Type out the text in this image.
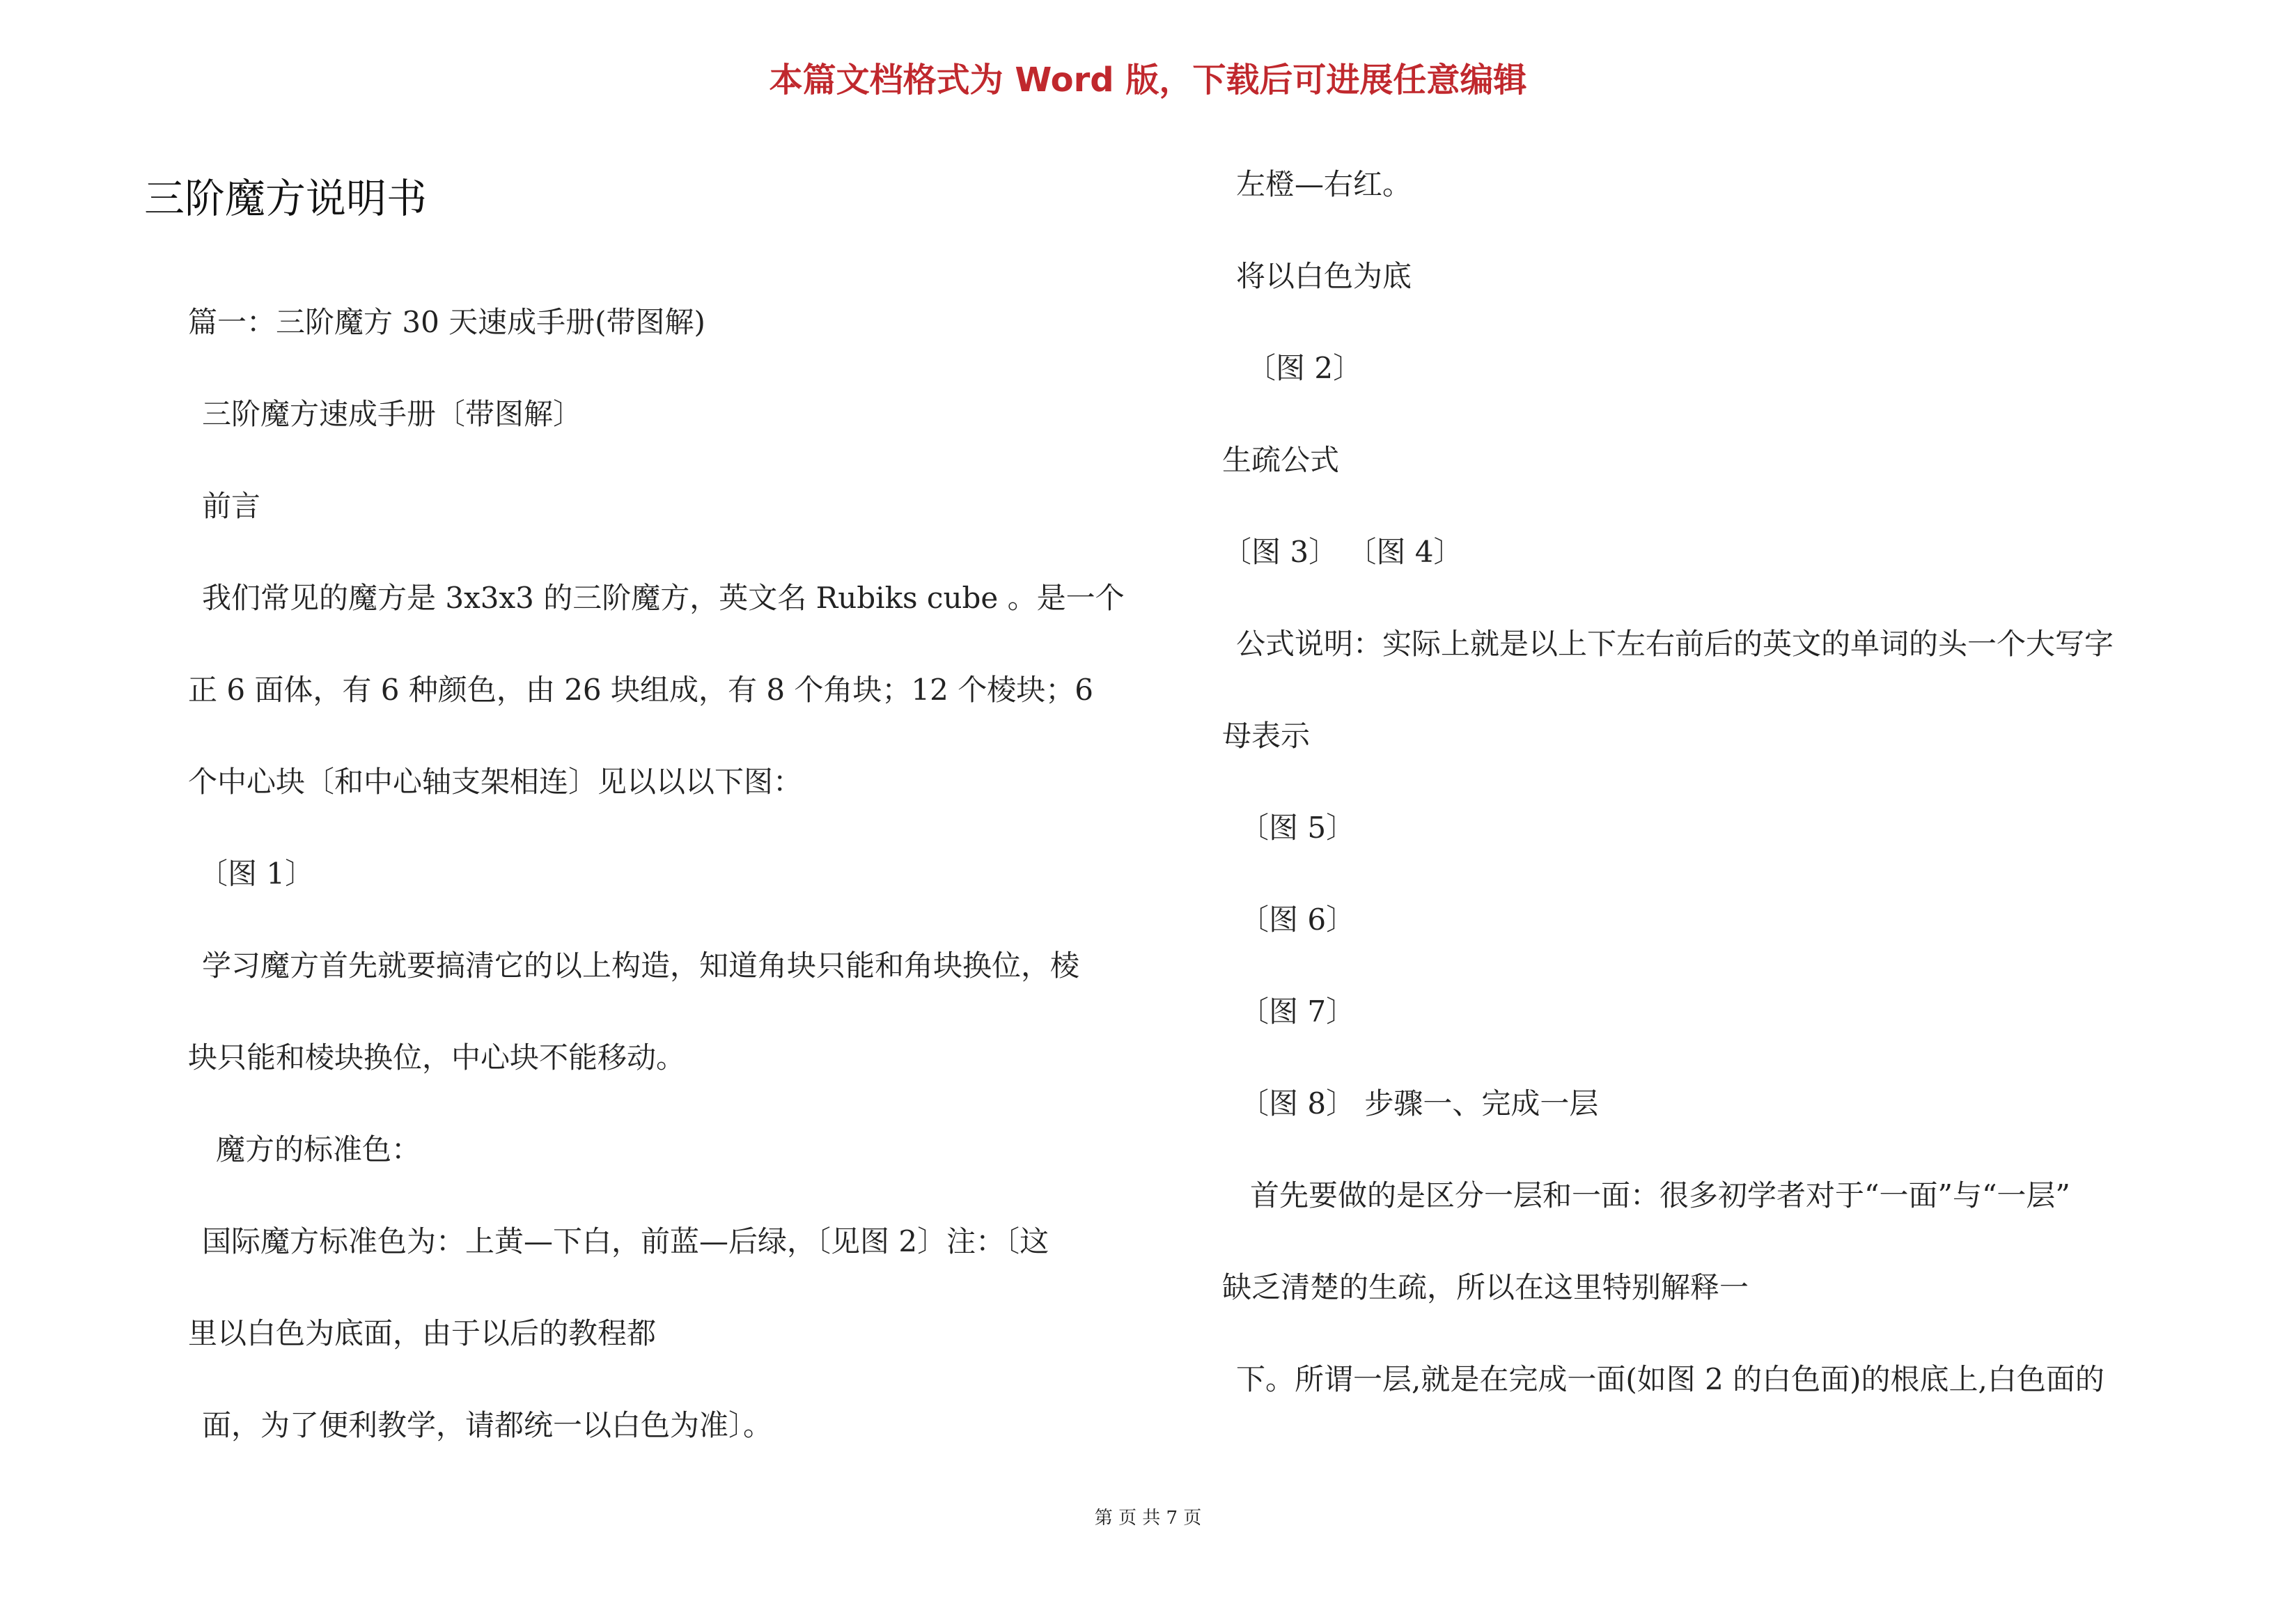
本篇文档格式为 Word 版，下载后可进展任意编辑
三阶魔方说明书
篇一：三阶魔方 30 天速成手册(带图解)
三阶魔方速成手册〔带图解〕
前言
我们常见的魔方是 3x3x3 的三阶魔方，英文名 Rubiks cube 。是一个
正 6 面体，有 6 种颜色，由 26 块组成，有 8 个角块；12 个棱块；6
个中心块〔和中心轴支架相连〕见以以以下图：
〔图 1〕
学习魔方首先就要搞清它的以上构造，知道角块只能和角块换位，棱
块只能和棱块换位，中心块不能移动。
魔方的标准色：
国际魔方标准色为：上黄—下白，前蓝—后绿，〔见图 2〕注：〔这
里以白色为底面，由于以后的教程都
面，为了便利教学，请都统一以白色为准〕。
左橙—右红。
将以白色为底
〔图 2〕
生疏公式
〔图 3〕 〔图 4〕
公式说明：实际上就是以上下左右前后的英文的单词的头一个大写字
母表示
〔图 5〕
〔图 6〕
〔图 7〕
〔图 8〕 步骤一、完成一层
首先要做的是区分一层和一面：很多初学者对于“一面”与“一层”
缺乏清楚的生疏，所以在这里特别解释一
下。所谓一层,就是在完成一面(如图 2 的白色面)的根底上,白色面的
第 页 共 7 页
